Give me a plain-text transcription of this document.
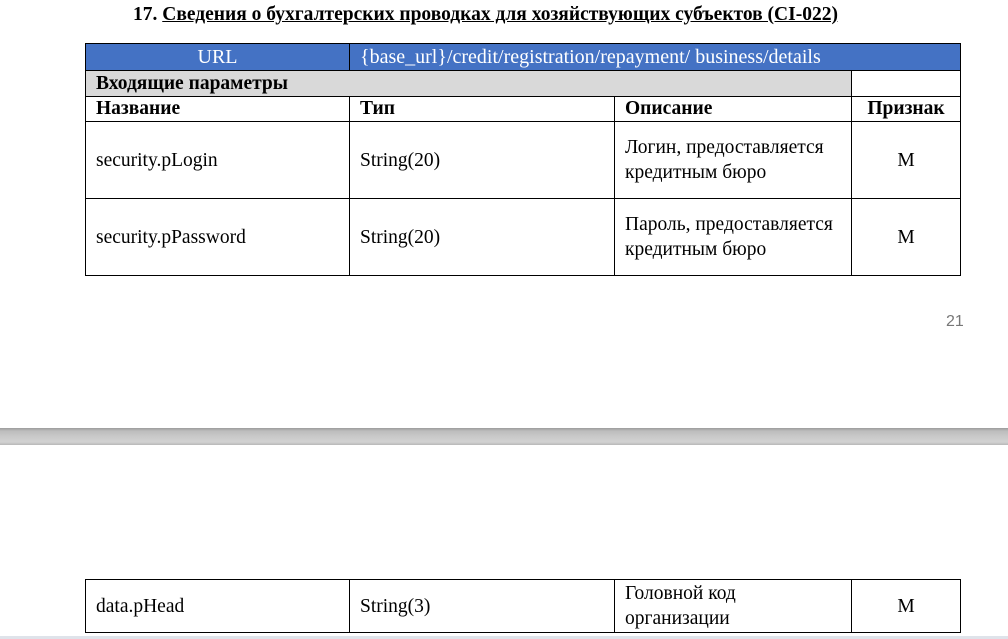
17. Сведения о бухгалтерских проводках для хозяйствующих субъектов (CI-022)
URL	{base_url}/credit/registration/repayment/ business/details		
Входящие параметры			
Название	Тип	Описание	Признак
security.pLogin	String(20)	Логин, предоставляется кредитным бюро	M
security.pPassword	String(20)	Пароль, предоставляется кредитным бюро	M
21
data.pHead	String(3)	Головной код организации	M
